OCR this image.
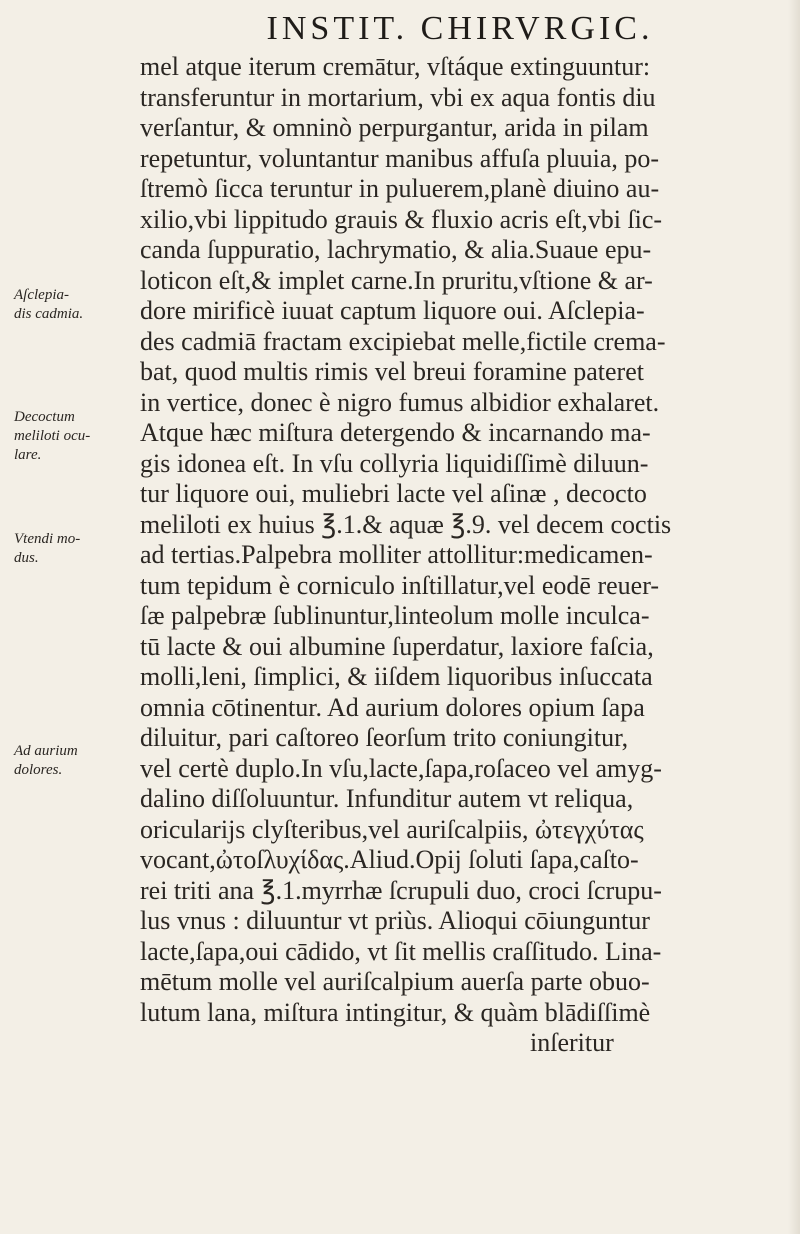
INSTIT. CHIRVRGIC.
mel atque iterum cremātur, vſtáque extinguuntur:
transferuntur in mortarium, vbi ex aqua fontis diu
verſantur, & omninò perpurgantur, arida in pilam
repetuntur, voluntantur manibus affuſa pluuia, po-
ſtremò ſicca teruntur in puluerem,planè diuino au-
xilio,vbi lippitudo grauis & fluxio acris eſt,vbi ſic-
canda ſuppuratio, lachrymatio, & alia.Suaue epu-
loticon eſt,& implet carne.In pruritu,vſtione & ar-
dore mirificè iuuat captum liquore oui. Aſclepia-
des cadmiā fractam excipiebat melle,fictile crema-
bat, quod multis rimis vel breui foramine pateret
in vertice, donec è nigro fumus albidior exhalaret.
Atque hæc miſtura detergendo & incarnando ma-
gis idonea eſt. In vſu collyria liquidiſſimè diluun-
tur liquore oui, muliebri lacte vel aſinæ , decocto
meliloti ex huius ℥.1.& aquæ ℥.9. vel decem coctis
ad tertias.Palpebra molliter attollitur:medicamen-
tum tepidum è corniculo inſtillatur,vel eodē reuer-
ſæ palpebræ ſublinuntur,linteolum molle inculca-
tū lacte & oui albumine ſuperdatur, laxiore faſcia,
molli,leni, ſimplici, & iiſdem liquoribus inſuccata
omnia cōtinentur. Ad aurium dolores opium ſapa
diluitur, pari caſtoreo ſeorſum trito coniungitur,
vel certè duplo.In vſu,lacte,ſapa,roſaceo vel amyg-
dalino diſſoluuntur. Infunditur autem vt reliqua,
oricularijs clyſteribus,vel auriſcalpiis, ὠτεγχύτας
vocant,ὠτοſλυχίδας.Aliud.Opij ſoluti ſapa,caſto-
rei triti ana ℥.1.myrrhæ ſcrupuli duo, croci ſcrupu-
lus vnus : diluuntur vt priùs. Alioqui cōiunguntur
lacte,ſapa,oui cādido, vt ſit mellis craſſitudo. Lina-
mētum molle vel auriſcalpium auerſa parte obuo-
lutum lana, miſtura intingitur, & quàm blādiſſimè
inſeritur
Aſclepia-
dis cadmia.
Decoctum
meliloti ocu-
lare.
Vtendi mo-
dus.
Ad aurium
dolores.
